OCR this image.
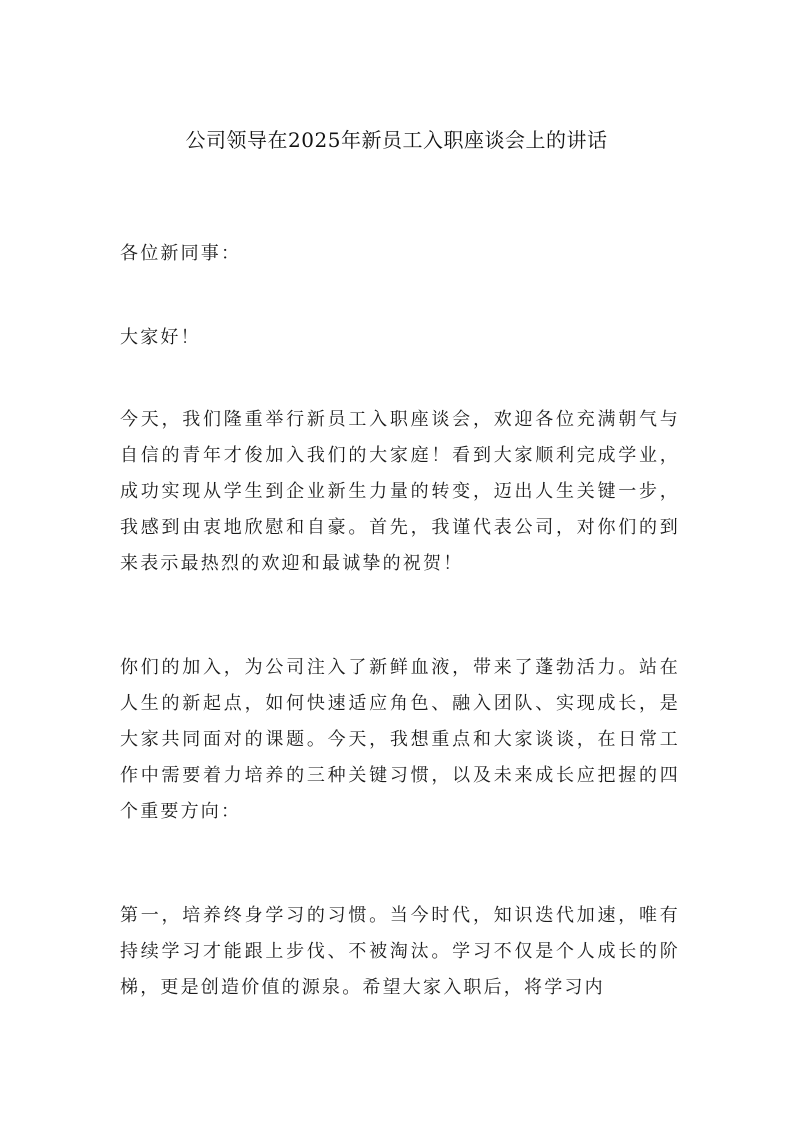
公司领导在2025年新员工入职座谈会上的讲话

各位新同事：

大家好！

今天，我们隆重举行新员工入职座谈会，欢迎各位充满朝气与自信的青年才俊加入我们的大家庭！看到大家顺利完成学业，成功实现从学生到企业新生力量的转变，迈出人生关键一步，我感到由衷地欣慰和自豪。首先，我谨代表公司，对你们的到来表示最热烈的欢迎和最诚挚的祝贺！

你们的加入，为公司注入了新鲜血液，带来了蓬勃活力。站在人生的新起点，如何快速适应角色、融入团队、实现成长，是大家共同面对的课题。今天，我想重点和大家谈谈，在日常工作中需要着力培养的三种关键习惯，以及未来成长应把握的四个重要方向：

第一，培养终身学习的习惯。当今时代，知识迭代加速，唯有持续学习才能跟上步伐、不被淘汰。学习不仅是个人成长的阶梯，更是创造价值的源泉。希望大家入职后，将学习内
